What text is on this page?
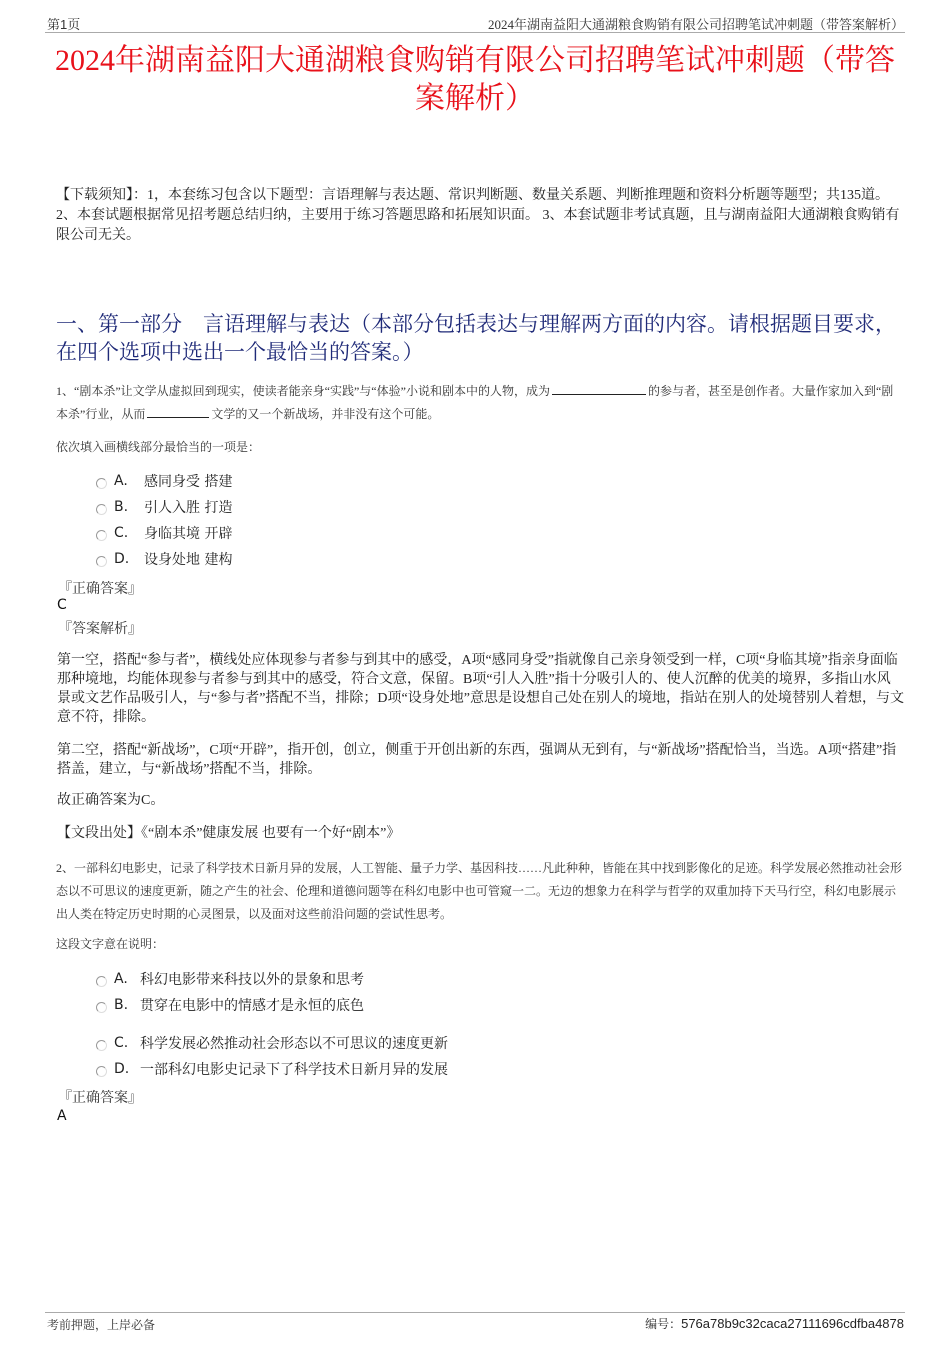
第1页	2024年湖南益阳大通湖粮食购销有限公司招聘笔试冲刺题（带答案解析）
2024年湖南益阳大通湖粮食购销有限公司招聘笔试冲刺题（带答案解析）
【下载须知】：1，本套练习包含以下题型：言语理解与表达题、常识判断题、数量关系题、判断推理题和资料分析题等题型；共135道。 2、本套试题根据常见招考题总结归纳，主要用于练习答题思路和拓展知识面。 3、本套试题非考试真题，且与湖南益阳大通湖粮食购销有限公司无关。
一、第一部分　言语理解与表达（本部分包括表达与理解两方面的内容。请根据题目要求，在四个选项中选出一个最恰当的答案。）
1、“剧本杀”让文学从虚拟回到现实，使读者能亲身“实践”与“体验”小说和剧本中的人物，成为	的参与者，甚至是创作者。大量作家加入到“剧本杀”行业，从而	文学的又一个新战场，并非没有这个可能。
依次填入画横线部分最恰当的一项是：
A.	感同身受 搭建
B.	引人入胜 打造
C.	身临其境 开辟
D.	设身处地 建构
『正确答案』
C
『答案解析』
第一空，搭配“参与者”，横线处应体现参与者参与到其中的感受，A项“感同身受”指就像自己亲身领受到一样，C项“身临其境”指亲身面临那种境地，均能体现参与者参与到其中的感受，符合文意，保留。B项“引人入胜”指十分吸引人的、使人沉醉的优美的境界，多指山水风景或文艺作品吸引人，与“参与者”搭配不当，排除；D项“设身处地”意思是设想自己处在别人的境地，指站在别人的处境替别人着想，与文意不符，排除。
第二空，搭配“新战场”，C项“开辟”，指开创，创立，侧重于开创出新的东西，强调从无到有，与“新战场”搭配恰当，当选。A项“搭建”指搭盖，建立，与“新战场”搭配不当，排除。
故正确答案为C。
【文段出处】《“剧本杀”健康发展 也要有一个好“剧本”》
2、一部科幻电影史，记录了科学技术日新月异的发展，人工智能、量子力学、基因科技……凡此种种，皆能在其中找到影像化的足迹。科学发展必然推动社会形态以不可思议的速度更新，随之产生的社会、伦理和道德问题等在科幻电影中也可管窥一二。无边的想象力在科学与哲学的双重加持下天马行空，科幻电影展示出人类在特定历史时期的心灵图景，以及面对这些前沿问题的尝试性思考。
这段文字意在说明：
A. 科幻电影带来科技以外的景象和思考
B. 贯穿在电影中的情感才是永恒的底色
C. 科学发展必然推动社会形态以不可思议的速度更新
D. 一部科幻电影史记录下了科学技术日新月异的发展
『正确答案』
A
考前押题，上岸必备	编号：576a78b9c32caca27111696cdfba4878
